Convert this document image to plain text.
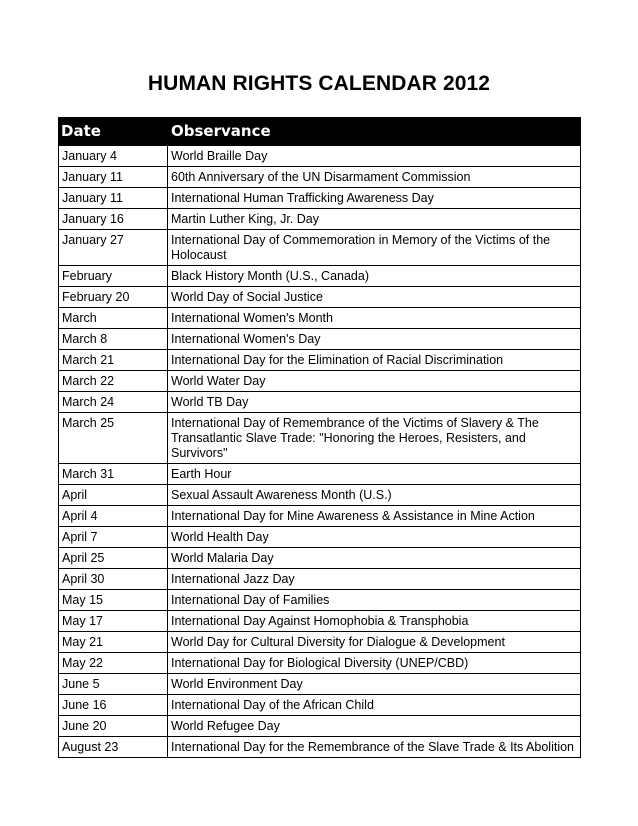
HUMAN RIGHTS CALENDAR 2012
Date	Observance
January 4	World Braille Day
January 11	60th Anniversary of the UN Disarmament Commission
January 11	International Human Trafficking Awareness Day
January 16	Martin Luther King, Jr. Day
January 27	International Day of Commemoration in Memory of the Victims of the Holocaust
February	Black History Month (U.S., Canada)
February 20	World Day of Social Justice
March	International Women's Month
March 8	International Women's Day
March 21	International Day for the Elimination of Racial Discrimination
March 22	World Water Day
March 24	World TB Day
March 25	International Day of Remembrance of the Victims of Slavery & The Transatlantic Slave Trade: "Honoring the Heroes, Resisters, and Survivors"
March 31	Earth Hour
April	Sexual Assault Awareness Month (U.S.)
April 4	International Day for Mine Awareness & Assistance in Mine Action
April 7	World Health Day
April 25	World Malaria Day
April 30	International Jazz Day
May 15	International Day of Families
May 17	International Day Against Homophobia & Transphobia
May 21	World Day for Cultural Diversity for Dialogue & Development
May 22	International Day for Biological Diversity (UNEP/CBD)
June 5	World Environment Day
June 16	International Day of the African Child
June 20	World Refugee Day
August 23	International Day for the Remembrance of the Slave Trade & Its Abolition
